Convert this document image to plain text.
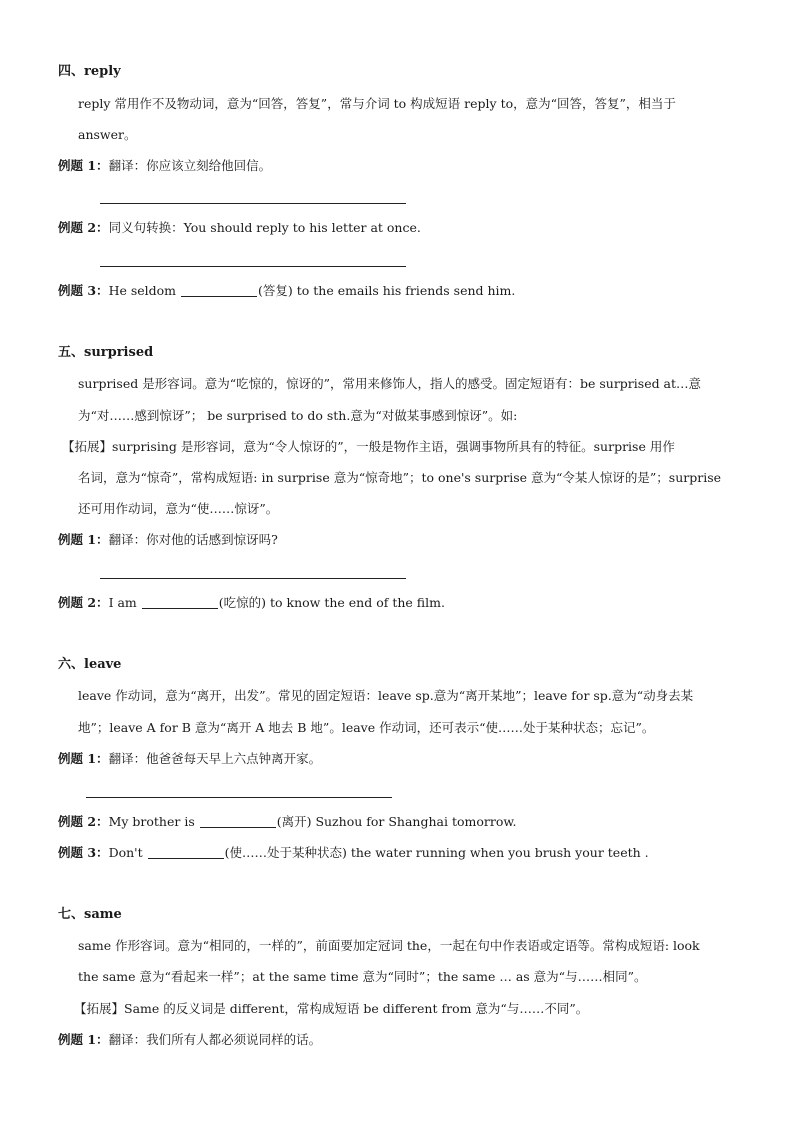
四、reply
reply 常用作不及物动词，意为“回答，答复”，常与介词 to 构成短语 reply to，意为“回答，答复”，相当于
answer。
例题 1：翻译：你应该立刻给他回信。
例题 2：同义句转换：You should reply to his letter at once.
例题 3：He seldom	(答复) to the emails his friends send him.
五、surprised
surprised 是形容词。意为“吃惊的，惊讶的”，常用来修饰人，指人的感受。固定短语有：be surprised at…意
为“对……感到惊讶”； be surprised to do sth.意为“对做某事感到惊讶”。如:
【拓展】surprising 是形容词，意为“令人惊讶的”，一般是物作主语，强调事物所具有的特征。surprise 用作
名词，意为“惊奇”，常构成短语: in surprise 意为“惊奇地”；to one's surprise 意为“令某人惊讶的是”；surprise
还可用作动词，意为“使……惊讶”。
例题 1：翻译：你对他的话感到惊讶吗?
例题 2：I am	(吃惊的) to know the end of the film.
六、leave
leave 作动词，意为“离开，出发”。常见的固定短语：leave sp.意为“离开某地”；leave for sp.意为“动身去某
地”；leave A for B 意为“离开 A 地去 B 地”。leave 作动词，还可表示“使……处于某种状态；忘记”。
例题 1：翻译：他爸爸每天早上六点钟离开家。
例题 2：My brother is	(离开) Suzhou for Shanghai tomorrow.
例题 3：Don't	(使……处于某种状态) the water running when you brush your teeth .
七、same
same 作形容词。意为“相同的，一样的”，前面要加定冠词 the，一起在句中作表语或定语等。常构成短语: look
the same 意为“看起来一样”；at the same time 意为“同时”；the same … as 意为“与……相同”。
【拓展】Same 的反义词是 different，常构成短语 be different from 意为“与……不同”。
例题 1：翻译：我们所有人都必须说同样的话。
